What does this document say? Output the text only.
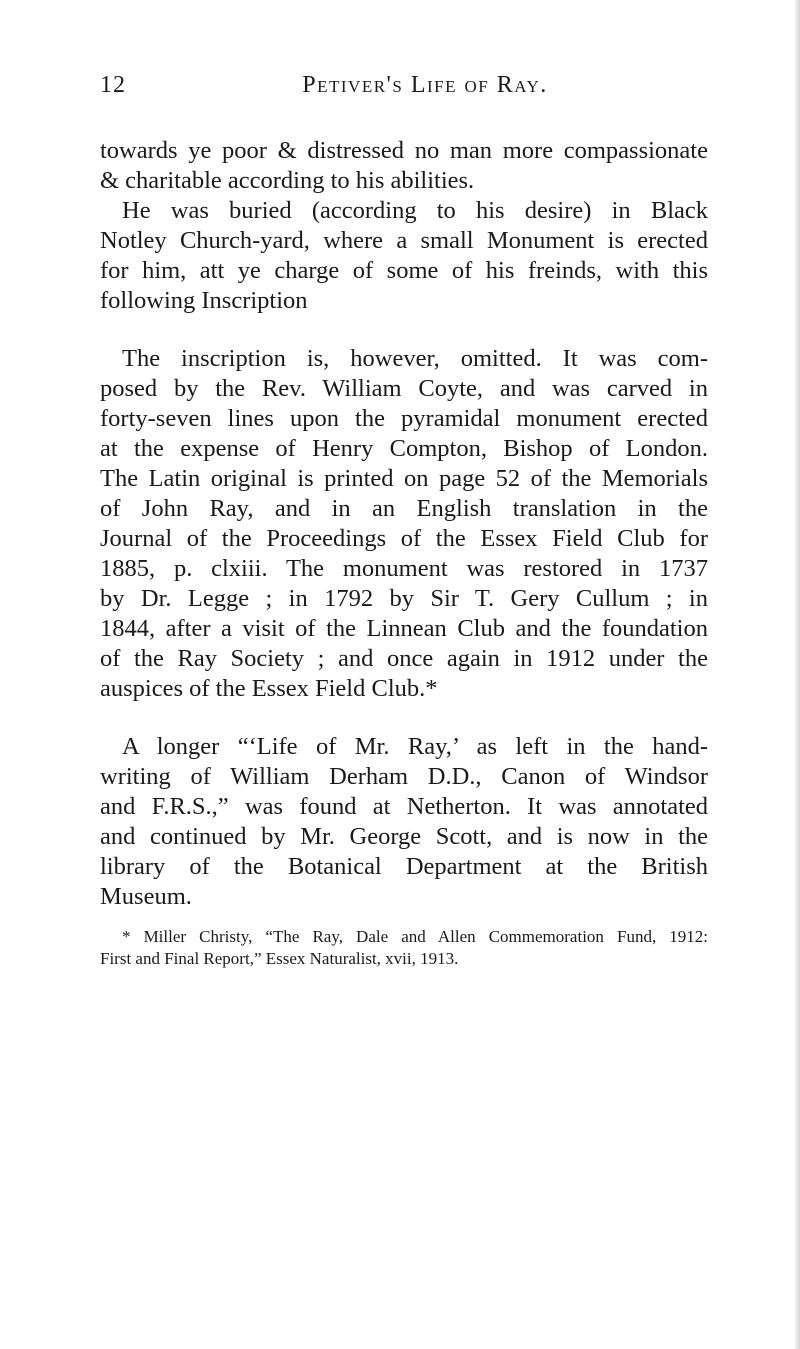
12	Petiver's Life of Ray.
towards ye poor & distressed no man more compassionate
& charitable according to his abilities.
He was buried (according to his desire) in Black
Notley Church-yard, where a small Monument is erected
for him, att ye charge of some of his freinds, with this
following Inscription
The inscription is, however, omitted. It was com-
posed by the Rev. William Coyte, and was carved in
forty-seven lines upon the pyramidal monument erected
at the expense of Henry Compton, Bishop of London.
The Latin original is printed on page 52 of the Memorials
of John Ray, and in an English translation in the
Journal of the Proceedings of the Essex Field Club for
1885, p. clxiii. The monument was restored in 1737
by Dr. Legge ; in 1792 by Sir T. Gery Cullum ; in
1844, after a visit of the Linnean Club and the foundation
of the Ray Society ; and once again in 1912 under the
auspices of the Essex Field Club.*
A longer “‘Life of Mr. Ray,’ as left in the hand-
writing of William Derham D.D., Canon of Windsor
and F.R.S.,” was found at Netherton. It was annotated
and continued by Mr. George Scott, and is now in the
library of the Botanical Department at the British
Museum.
* Miller Christy, “The Ray, Dale and Allen Commemoration Fund, 1912:
First and Final Report,” Essex Naturalist, xvii, 1913.
